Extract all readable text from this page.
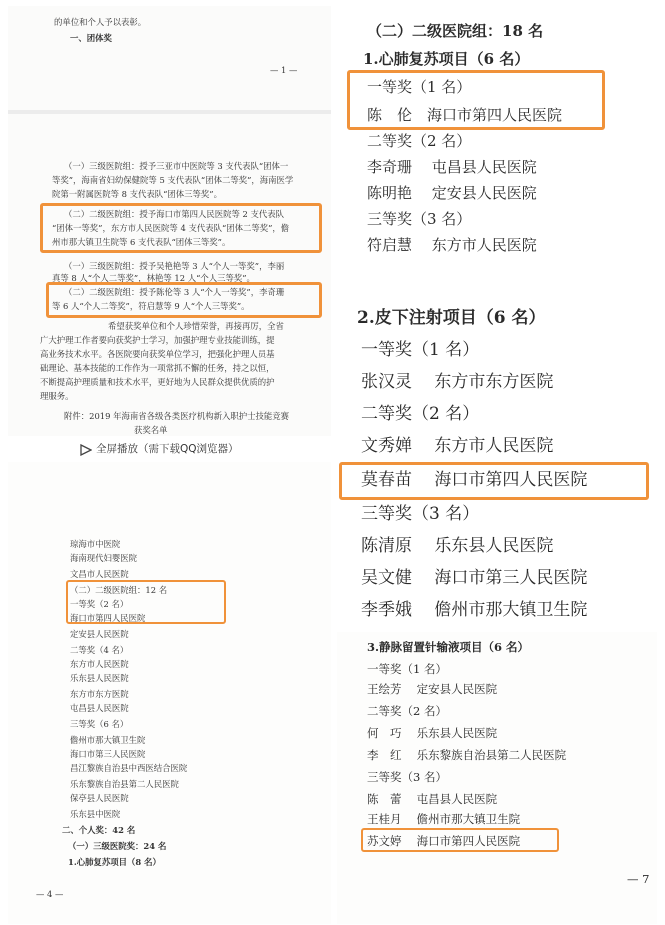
的单位和个人予以表彰。
一、团体奖
— 1 —
（一）三级医院组：授予三亚市中医院等 3 支代表队“团体一
等奖”，海南省妇幼保健院等 5 支代表队“团体二等奖”，海南医学
院第一附属医院等 8 支代表队“团体三等奖”。
（二）二级医院组：授予海口市第四人民医院等 2 支代表队
“团体一等奖”，东方市人民医院等 4 支代表队“团体二等奖”，儋
州市那大镇卫生院等 6 支代表队“团体三等奖”。
（一）三级医院组：授予吴艳艳等 3 人“个人一等奖”，李丽
真等 8 人“个人二等奖”，林艳等 12 人“个人三等奖”。
（二）二级医院组：授予陈伦等 3 人“个人一等奖”，李奇珊
等 6 人“个人二等奖”，符启慧等 9 人“个人三等奖”。
希望获奖单位和个人珍惜荣誉，再接再厉，全省
广大护理工作者要向获奖护士学习，加强护理专业技能训练，提
高业务技术水平。各医院要向获奖单位学习，把强化护理人员基
础理论、基本技能的工作作为一项常抓不懈的任务，持之以恒，
不断提高护理质量和技术水平，更好地为人民群众提供优质的护
理服务。
附件：2019 年海南省各级各类医疗机构新入职护士技能竞赛
获奖名单
全屏播放（需下载QQ浏览器）
琼海市中医院
海南现代妇婴医院
文昌市人民医院
（二）二级医院组：12 名
一等奖（2 名）
海口市第四人民医院
定安县人民医院
二等奖（4 名）
东方市人民医院
乐东县人民医院
东方市东方医院
屯昌县人民医院
三等奖（6 名）
儋州市那大镇卫生院
海口市第三人民医院
昌江黎族自治县中西医结合医院
乐东黎族自治县第二人民医院
保亭县人民医院
乐东县中医院
二、个人奖：42 名
（一）三级医院奖：24 名
1.心肺复苏项目（8 名）
— 4 —
（二）二级医院组：18 名
1.心肺复苏项目（6 名）
一等奖（1 名）
陈　伦　海口市第四人民医院
二等奖（2 名）
李奇珊　 屯昌县人民医院
陈明艳　 定安县人民医院
三等奖（3 名）
符启慧　 东方市人民医院
2.皮下注射项目（6 名）
一等奖（1 名）
张汉灵　 东方市东方医院
二等奖（2 名）
文秀婵　 东方市人民医院
莫春苗　 海口市第四人民医院
三等奖（3 名）
陈清原　 乐东县人民医院
吴文健　 海口市第三人民医院
李季娥　 儋州市那大镇卫生院
3.静脉留置针输液项目（6 名）
一等奖（1 名）
王绘芳　 定安县人民医院
二等奖（2 名）
何　巧　 乐东县人民医院
李　红　 乐东黎族自治县第二人民医院
三等奖（3 名）
陈　蕾　 屯昌县人民医院
王桂月　 儋州市那大镇卫生院
苏文婷　 海口市第四人民医院
— 7
